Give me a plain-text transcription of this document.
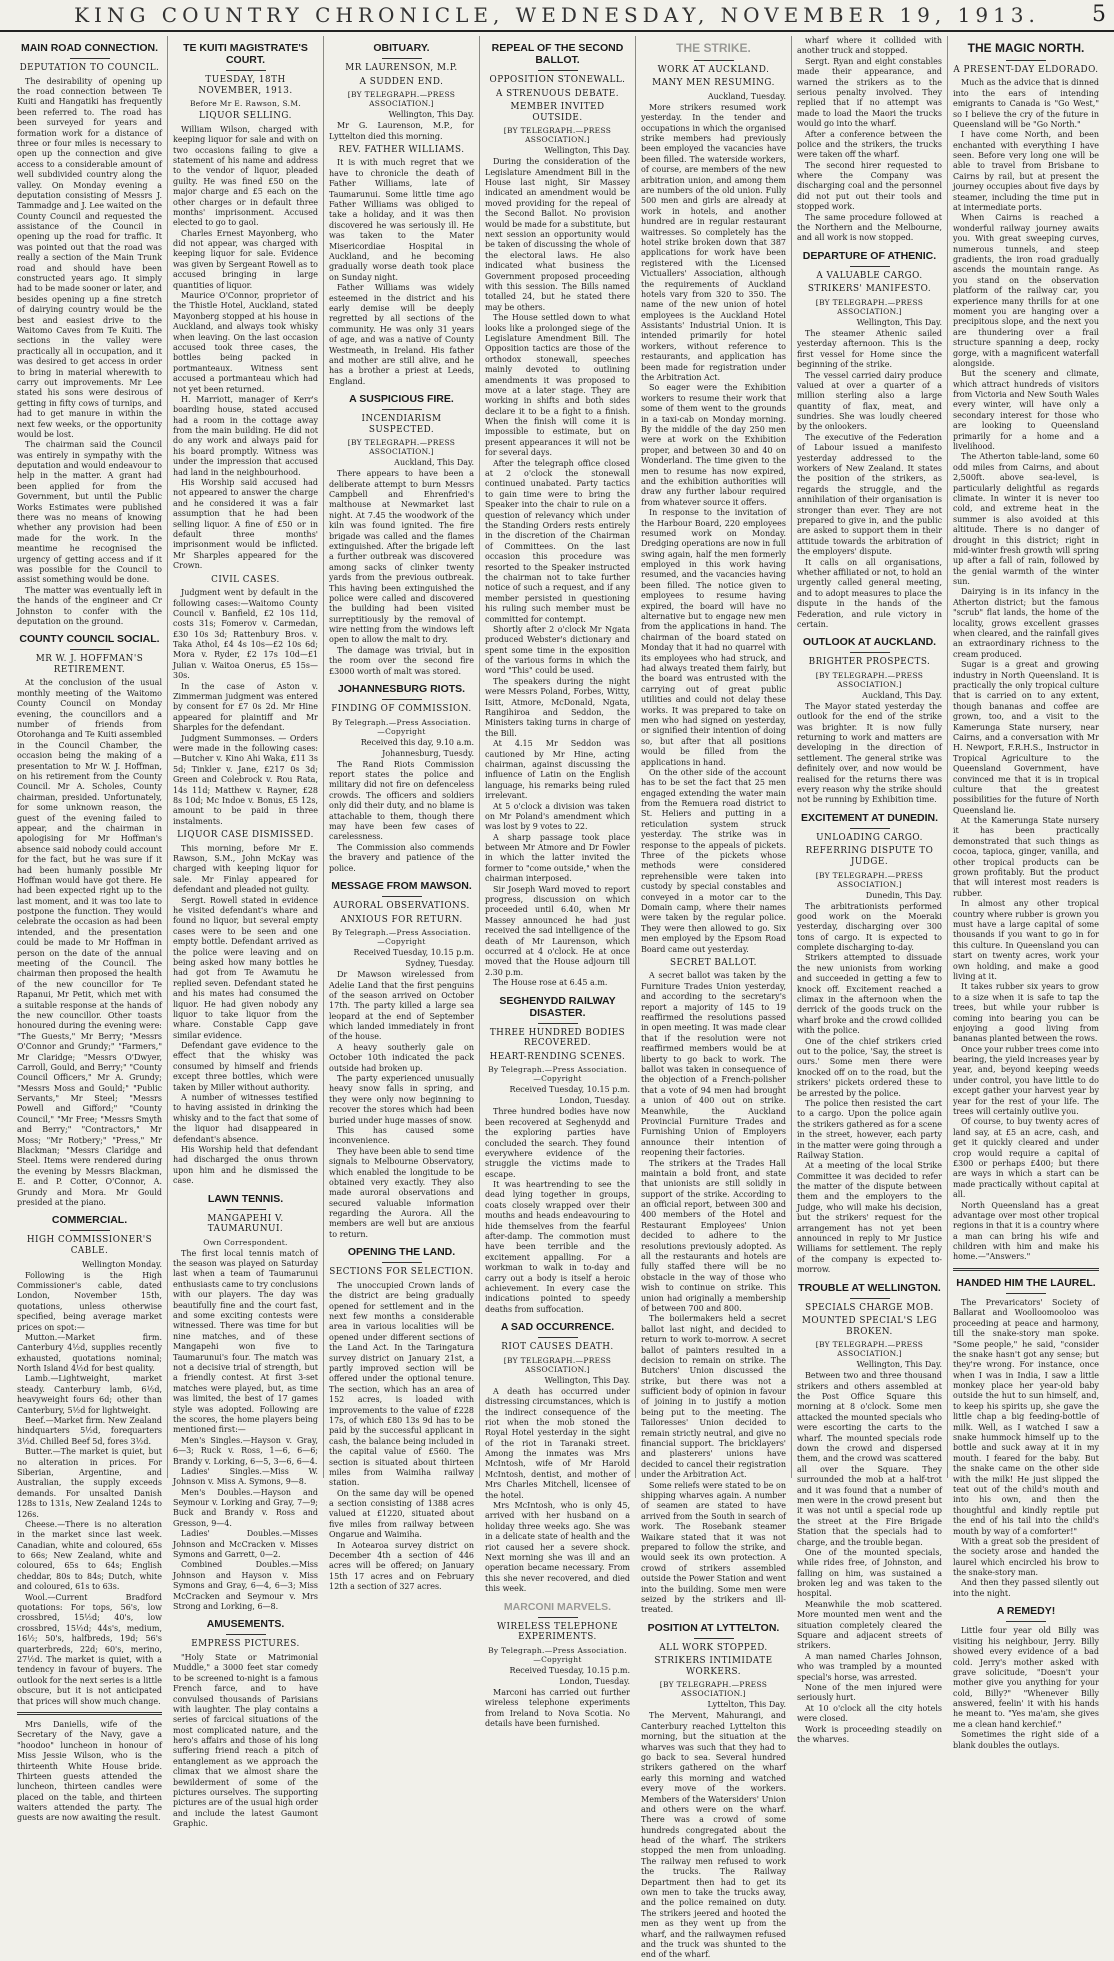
KING COUNTRY CHRONICLE, WEDNESDAY, NOVEMBER 19, 1913. 5
MAIN ROAD CONNECTION.
DEPUTATION TO COUNCIL.

The desirability of opening up the road connection between Te Kuiti and Hangatiki has frequently been referred to. The road has been surveyed for years and formation work for a distance of three or four miles is necessary to open up the connection and give access to a considerable amount of well subdivided country along the valley. On Monday evening a deputation consisting of Messrs J. Tammadge and J. Lee waited on the County Council and requested the assistance of the Council in opening up the road for traffic. It was pointed out that the road was really a section of the Main Trunk road and should have been constructed years ago. It simply had to be made sooner or later, and besides opening up a fine stretch of dairying country would be the best and easiest drive to the Waitomo Caves from Te Kuiti. The sections in the valley were practically all in occupation, and it was desired to get access in order to bring in material wherewith to carry out improvements. Mr Lee stated his sons were desirous of getting in fifty cows of turnips, and had to get manure in within the next few weeks, or the opportunity would be lost.

The chairman said the Council was entirely in sympathy with the deputation and would endeavour to help in the matter. A grant had been applied for from the Government, but until the Public Works Estimates were published there was no means of knowing whether any provision had been made for the work. In the meantime he recognised the urgency of getting access and if it was possible for the Council to assist something would be done.

The matter was eventually left in the hands of the engineer and Cr Johnston to confer with the deputation on the ground.

COUNTY COUNCIL SOCIAL.
MR W. J. HOFFMAN'S RETIREMENT.

At the conclusion of the usual monthly meeting of the Waitomo County Council on Monday evening, the councillors and a number of friends from Otorohanga and Te Kuiti assembled in the Council Chamber, the occasion being the making of a presentation to Mr W. J. Hoffman, on his retirement from the County Council. Mr A. Scholes, County chairman, presided. Unfortunately, for some unknown reason, the guest of the evening failed to appear, and the chairman in apologising for Mr Hoffman's absence said nobody could account for the fact, but he was sure if it had been humanly possible Mr Hoffman would have got there. He had been expected right up to the last moment, and it was too late to postpone the function. They would celebrate the occasion as had been intended, and the presentation could be made to Mr Hoffman in person on the date of the annual meeting of the Council. The chairman then proposed the health of the new councillor for Te Rapanui, Mr Petit, which met with a suitable response at the hands of the new councillor. Other toasts honoured during the evening were: "The Guests," Mr Berry; "Messrs O'Connor and Grundy;" "Farmers," Mr Claridge; "Messrs O'Dwyer, Carroll, Gould, and Berry;" "County Council Officers," Mr A. Grundy; "Messrs Moss and Gould;" "Public Servants," Mr Steel; "Messrs Powell and Gifford;" "County Council," "Mr Free; "Messrs Smyth and Berry;" "Contractors," Mr Moss; "Mr Rotbery;" "Press," Mr Blackman; "Messrs Claridge and Steel. Items were rendered during the evening by Messrs Blackman, E. and P. Cotter, O'Connor, A. Grundy and Mora. Mr Gould presided at the piano.

COMMERCIAL.
HIGH COMMISSIONER'S CABLE.
Wellington Monday.

Following is the High Commissioner's cable, dated London, November 15th, quotations, unless otherwise specified, being average market prices on spot:—

Mutton.—Market firm. Canterbury 4½d, supplies recently exhausted, quotations nominal; North Island 4½d for best quality.

Lamb.—Lightweight, market steady. Canterbury lamb, 6½d, heavyweight fours 6d; other than Canterbury, 5½d for lightweight.

Beef.—Market firm. New Zealand hindquarters 5½d, forequarters 3½d. Chilled Beef 5d, fores 3½d.

Butter.—The market is quiet, but no alteration in prices. For Siberian, Argentine, and Australian, the supply exceeds demands. For unsalted Danish 128s to 131s, New Zealand 124s to 126s.

Cheese.—There is no alteration in the market since last week. Canadian, white and coloured, 65s to 66s; New Zealand, white and coloured, 65s to 64s; English cheddar, 80s to 84s; Dutch, white and coloured, 61s to 63s.

Wool.—Current Bradford quotations: For tops, 56's, low crossbred, 15½d; 40's, low crossbred, 15½d; 44s's, medium, 16½; 50's, halfbreds, 19d; 56's quarterbreds, 22d; 60's, merino, 27½d. The market is quiet, with a tendency in favour of buyers. The outlook for the next series is a little obscure, but it is not anticipated that prices will show much change.

Mrs Daniells, wife of the Secretary of the Navy, gave a "hoodoo" luncheon in honour of Miss Jessie Wilson, who is the thirteenth White House bride. Thirteen guests attended the luncheon, thirteen candles were placed on the table, and thirteen waiters attended the party. The guests are now awaiting the result.

TE KUITI MAGISTRATE'S COURT.
TUESDAY, 18TH NOVEMBER, 1913.
Before Mr E. Rawson, S.M.
LIQUOR SELLING.

William Wilson, charged with keeping liquor for sale and with on two occasions failing to give a statement of his name and address to the vendor of liquor, pleaded guilty. He was fined £50 on the major charge and £5 each on the other charges or in default three months' imprisonment. Accused elected to go to gaol.

Charles Ernest Mayonberg, who did not appear, was charged with keeping liquor for sale. Evidence was given by Sergeant Rowell as to accused bringing in large quantities of liquor.

Maurice O'Connor, proprietor of the Thistle Hotel, Auckland, stated Mayonberg stopped at his house in Auckland, and always took whisky when leaving. On the last occasion accused took three cases, the bottles being packed in portmanteaux. Witness sent accused a portmanteau which had not yet been returned.

H. Marriott, manager of Kerr's boarding house, stated accused had a room in the cottage away from the main building. He did not do any work and always paid for his board promptly. Witness was under the impression that accused had land in the neighbourhood.

His Worship said accused had not appeared to answer the charge and he considered it was a fair assumption that he had been selling liquor. A fine of £50 or in default three months' imprisonment would be inflicted. Mr Sharples appeared for the Crown.

CIVIL CASES.

Judgment went by default in the following cases:—Waitomo County Council v. Banfield, £2 10s 11d, costs 31s; Fomerov v. Carmedan, £30 10s 3d; Rattenbury Bros. v. Taka Athol, £4 4s 10s—£2 10s 6d; Mora v. Ryder, £2 17s 10d—£1 Julian v. Waitoa Onerus, £5 15s—30s.

In the case of Aston v. Zimmerman judgment was entered by consent for £7 0s 2d. Mr Hine appeared for plaintiff and Mr Sharples for the defendant.

Judgment Summonses. — Orders were made in the following cases:—Butcher v. Kino Ahi Waka, £11 3s 5d; Tinkler v. Jane, £217 0s 3d; Green and Colebrock v. Rou Rata, 14s 11d; Matthew v. Rayner, £28 8s 10d; Mc Indoe v. Bonus, £5 12s, amount to be paid in three instalments.

LIQUOR CASE DISMISSED.

This morning, before Mr E. Rawson, S.M., John McKay was charged with keeping liquor for sale. Mr Finlay appeared for defendant and pleaded not guilty.

Sergt. Rowell stated in evidence he visited defendant's whare and found no liquor, but several empty cases were to be seen and one empty bottle. Defendant arrived as the police were leaving and on being asked how many bottles he had got from Te Awamutu he replied seven. Defendant stated he and his mates had consumed the liquor. He had given nobody any liquor to take liquor from the whare. Constable Capp gave similar evidence.

Defendant gave evidence to the effect that the whisky was consumed by himself and friends except three bottles, which were taken by Miller without authority.

A number of witnesses testified to having assisted in drinking the whisky and to the fact that some of the liquor had disappeared in defendant's absence.

His Worship held that defendant had discharged the onus thrown upon him and he dismissed the case.

LAWN TENNIS.
MANGAPEHI V. TAUMARUNUI.
Own Correspondent.

The first local tennis match of the season was played on Saturday last when a team of Taumarunui enthusiasts came to try conclusions with our players. The day was beautifully fine and the court fast, and some exciting contests were witnessed. There was time for but nine matches, and of these Mangapehi won five to Taumarunui's four. The match was not a decisive trial of strength, but a friendly contest. At first 3-set matches were played, but, as time was limited, the best of 17 games style was adopted. Following are the scores, the home players being mentioned first:—

Men's Singles.—Hayson v. Gray, 6—3; Ruck v. Ross, 1—6, 6—6; Brandy v. Lorking, 6—5, 3—6, 6—4.

Ladies' Singles.—Miss W. Johnson v. Miss A. Symons, 9—8.

Men's Doubles.—Hayson and Seymour v. Lorking and Gray, 7—9; Buck and Brandy v. Ross and Gresson, 9—4.

Ladies' Doubles.—Misses Johnson and McCracken v. Misses Symons and Garrett, 0—2.

Combined Doubles.—Miss Johnson and Hayson v. Miss Symons and Gray, 6—4, 6—3; Miss McCracken and Seymour v. Mrs Strong and Lorking, 6—8.

AMUSEMENTS.
EMPRESS PICTURES.

"Holy State or Matrimonial Muddle," a 3000 feet star comedy to be screened to-night is a famous French farce, and to have convulsed thousands of Parisians with laughter. The play contains a series of farcical situations of the most complicated nature, and the hero's affairs and those of his long suffering friend reach a pitch of entanglement as we approach the climax that we almost share the bewilderment of some of the pictures ourselves. The supporting pictures are of the usual high order and include the latest Gaumont Graphic.

OBITUARY.
MR LAURENSON, M.P.
A SUDDEN END.
[BY TELEGRAPH.—PRESS ASSOCIATION.]
Wellington, This Day.

Mr G. Laurenson, M.P., for Lyttelton died this morning.

REV. FATHER WILLIAMS.

It is with much regret that we have to chronicle the death of Father Williams, late of Taumarunui. Some little time ago Father Williams was obliged to take a holiday, and it was then discovered he was seriously ill. He was taken to the Mater Misericordiae Hospital in Auckland, and he becoming gradually worse death took place on Sunday night.

Father Williams was widely esteemed in the district and his early demise will be deeply regretted by all sections of the community. He was only 31 years of age, and was a native of County Westmeath, in Ireland. His father and mother are still alive, and he has a brother a priest at Leeds, England.

A SUSPICIOUS FIRE.
INCENDIARISM SUSPECTED.
[BY TELEGRAPH.—PRESS ASSOCIATION.]
Auckland, This Day.

There appears to have been a deliberate attempt to burn Messrs Campbell and Ehrenfried's malthouse at Newmarket last night. At 7.45 the woodwork of the kiln was found ignited. The fire brigade was called and the flames extinguished. After the brigade left a further outbreak was discovered among sacks of clinker twenty yards from the previous outbreak. This having been extinguished the police were called and discovered the building had been visited surreptitiously by the removal of wire netting from the windows left open to allow the malt to dry.

The damage was trivial, but in the room over the second fire £3000 worth of malt was stored.

JOHANNESBURG RIOTS.
FINDING OF COMMISSION.
By Telegraph.—Press Association.—Copyright
Received this day, 9.10 a.m.
Johannesburg, Tuesdy.

The Rand Riots Commission report states the police and military did not fire on defenceless crowds. The officers and soldiers only did their duty, and no blame is attachable to them, though there may have been few cases of carelessness.

The Commission also commends the bravery and patience of the police.

MESSAGE FROM MAWSON.
AURORAL OBSERVATIONS.
ANXIOUS FOR RETURN.
By Telegraph.—Press Association.—Copyright
Received Tuesday, 10.15 p.m.
Sydney, Tuesday.

Dr Mawson wirelessed from Adelie Land that the first penguins of the season arrived on October 17th. The party killed a large sea leopard at the end of September which landed immediately in front of the house.

A heavy southerly gale on October 10th indicated the pack outside had broken up.

The party experienced unusually heavy snow falls in spring, and they were only now beginning to recover the stores which had been buried under huge masses of snow.

This has caused some inconvenience.

They have been able to send time signals to Melbourne Observatory, which enabled the longitude to be obtained very exactly. They also made auroral observations and secured valuable information regarding the Aurora. All the members are well but are anxious to return.

OPENING THE LAND.
SECTIONS FOR SELECTION.

The unoccupied Crown lands of the district are being gradually opened for settlement and in the next few months a considerable area in various localities will be opened under different sections of the Land Act. In the Taringatura survey district on January 21st, a partly improved section will be offered under the optional tenure. The section, which has an area of 152 acres, is loaded with improvements to the value of £228 17s, of which £80 13s 9d has to be paid by the successful applicant in cash, the balance being included in the capital value of £560. The section is situated about thirteen miles from Waimiha railway station.

On the same day will be opened a section consisting of 1388 acres valued at £1220, situated about five miles from railway between Ongarue and Waimiha.

In Aotearoa survey district on December 4th a section of 446 acres will be offered; on January 15th 17 acres and on February 12th a section of 327 acres.

REPEAL OF THE SECOND BALLOT.
OPPOSITION STONEWALL.
A STRENUOUS DEBATE.
MEMBER INVITED OUTSIDE.
[BY TELEGRAPH.—PRESS ASSOCIATION.]
Wellington, This Day.

During the consideration of the Legislature Amendment Bill in the House last night, Sir Massey indicated an amendment would be moved providing for the repeal of the Second Ballot. No provision would be made for a substitute, but next session an opportunity would be taken of discussing the whole of the electoral laws. He also indicated what business the Government proposed proceeding with this session. The Bills named totalled 24, but he stated there may be others.

The House settled down to what looks like a prolonged siege of the Legislature Amendment Bill. The Opposition tactics are those of the orthodox stonewall, speeches mainly devoted to outlining amendments it was proposed to move at a later stage. They are working in shifts and both sides declare it to be a fight to a finish. When the finish will come it is impossible to estimate, but on present appearances it will not be for several days.

After the telegraph office closed at 2 o'clock the stonewall continued unabated. Party tactics to gain time were to bring the Speaker into the chair to rule on a question of relevancy which under the Standing Orders rests entirely in the discretion of the Chairman of Committees. On the last occasion this procedure was resorted to the Speaker instructed the chairman not to take further notice of such a request, and if any member persisted in questioning his ruling such member must be committed for contempt.

Shortly after 2 o'clock Mr Ngata produced Webster's dictionary and spent some time in the exposition of the various forms in which the word "This" could be used.

The speakers during the night were Messrs Poland, Forbes, Witty, Isitt, Atmore, McDonald, Ngata, Rangihiroa and Seddon, the Ministers taking turns in charge of the Bill.

At 4.15 Mr Seddon was cautioned by Mr Hine, acting chairman, against discussing the influence of Latin on the English language, his remarks being ruled irrelevant.

At 5 o'clock a division was taken on Mr Poland's amendment which was lost by 9 votes to 22.

A sharp passage took place between Mr Atmore and Dr Fowler in which the latter invited the former to "come outside," when the chairman interposed.

Sir Joseph Ward moved to report progress, discussion on which proceeded until 6.40, when Mr Massey announced he had just received the sad intelligence of the death of Mr Laurenson, which occurred at 4 o'clock. He at once moved that the House adjourn till 2.30 p.m.

The House rose at 6.45 a.m.

SEGHENYDD RAILWAY DISASTER.
THREE HUNDRED BODIES RECOVERED.
HEART-RENDING SCENES.
By Telegraph.—Press Association.—Copyright
Received Tuesday, 10.15 p.m.
London, Tuesday.

Three hundred bodies have now been recovered at Seghenydd and the exploring parties have concluded the search. They found everywhere evidence of the struggle the victims made to escape.

It was heartrending to see the dead lying together in groups, coats closely wrapped over their mouths and heads endeavouring to hide themselves from the fearful after-damp. The commotion must have been terrible and the excitement appalling. For a workman to walk in to-day and carry out a body is itself a heroic achievement. In every case the indications pointed to speedy deaths from suffocation.

A SAD OCCURRENCE.
RIOT CAUSES DEATH.
[BY TELEGRAPH.—PRESS ASSOCIATION.]
Wellington, This Day.

A death has occurred under distressing circumstances, which is the indirect consequence of the riot when the mob stoned the Royal Hotel yesterday in the sight of the riot in Taranaki street. Among the inmates was Mrs McIntosh, wife of Mr Harold McIntosh, dentist, and mother of Mrs Charles Mitchell, licensee of the hotel.

Mrs McIntosh, who is only 45, arrived with her husband on a holiday three weeks ago. She was in a delicate state of health and the riot caused her a severe shock. Next morning she was ill and an operation became necessary. From this she never recovered, and died this week.

MARCONI MARVELS.
WIRELESS TELEPHONE EXPERIMENTS.
By Telegraph.—Press Association.—Copyright
Received Tuesday, 10.15 p.m.
London, Tuesday.

Marconi has carried out further wireless telephone experiments from Ireland to Nova Scotia. No details have been furnished.

THE STRIKE.
WORK AT AUCKLAND.
MANY MEN RESUMING.
Auckland, Tuesday.

More strikers resumed work yesterday. In the tender and occupations in which the organised strike members had previously been employed the vacancies have been filled. The waterside workers, of course, are members of the new arbitration union, and among them are numbers of the old union. Fully 500 men and girls are already at work in hotels, and another hundred are in regular restaurant waitresses. So completely has the hotel strike broken down that 387 applications for work have been registered with the Licensed Victuallers' Association, although the requirements of Auckland hotels vary from 320 to 350. The name of the new union of hotel employees is the Auckland Hotel Assistants' Industrial Union. It is intended primarily for hotel workers, without reference to restaurants, and application has been made for registration under the Arbitration Act.

So eager were the Exhibition workers to resume their work that some of them went to the grounds in a taxi-cab on Monday morning. By the middle of the day 250 men were at work on the Exhibition proper, and between 30 and 40 on Wonderland. The time given to the men to resume has now expired, and the exhibition authorities will draw any further labour required from whatever source it offers.

In response to the invitation of the Harbour Board, 220 employees resumed work on Monday. Dredging operations are now in full swing again, half the men formerly employed in this work having resumed, and the vacancies having been filled. The notice given to employees to resume having expired, the board will have no alternative but to engage new men from the applications in hand. The chairman of the board stated on Monday that it had no quarrel with its employees who had struck, and had always treated them fairly, but the board was entrusted with the carrying out of great public utilities and could not delay these works. It was prepared to take on men who had signed on yesterday, or signified their intention of doing so, but after that all positions would be filled from the applications in hand.

On the other side of the account has to be set the fact that 25 men engaged extending the water main from the Remuera road district to St. Heliers and putting in a reticulation system struck yesterday. The strike was in response to the appeals of pickets. Three of the pickets whose methods were considered reprehensible were taken into custody by special constables and conveyed in a motor car to the Domain camp, where their names were taken by the regular police. They were then allowed to go. Six men employed by the Epsom Road Board came out yesterday.

SECRET BALLOT.

A secret ballot was taken by the Furniture Trades Union yesterday, and according to the secretary's report a majority of 145 to 19 reaffirmed the resolutions passed in open meeting. It was made clear that if the resolution were not reaffirmed members would be at liberty to go back to work. The ballot was taken in consequence of the objection of a French-polisher that a vote of 94 men had brought a union of 400 out on strike. Meanwhile, the Auckland Provincial Furniture Trades and Furnishing Union of Employers announce their intention of reopening their factories.

The strikers at the Trades Hall maintain a bold front, and state that unionists are still solidly in support of the strike. According to an official report, between 300 and 400 members of the Hotel and Restaurant Employees' Union decided to adhere to the resolutions previously adopted. As all the restaurants and hotels are fully staffed there will be no obstacle in the way of those who wish to continue on strike. This union had originally a membership of between 700 and 800.

The boilermakers held a secret ballot last night, and decided to return to work to-morrow. A secret ballot of painters resulted in a decision to remain on strike. The Butchers' Union discussed the strike, but there was not a sufficient body of opinion in favour of joining in to justify a motion being put to the meeting. The Tailoresses' Union decided to remain strictly neutral, and give no financial support. The bricklayers' and plasterers' unions have decided to cancel their registration under the Arbitration Act.

Some reliefs were stated to be on shipping wharves again. A number of seamen are stated to have arrived from the South in search of work. The Rosebank steamer Waikare stated that it was not prepared to follow the strike, and would seek its own protection. A crowd of strikers assembled outside the Power Station and went into the building. Some men were seized by the strikers and ill-treated.

POSITION AT LYTTELTON.
ALL WORK STOPPED.
STRIKERS INTIMIDATE WORKERS.
[BY TELEGRAPH.—PRESS ASSOCIATION.]
Lyttelton, This Day.

The Mervent, Mahurangi, and Canterbury reached Lyttelton this morning, but the situation at the wharves was such that they had to go back to sea. Several hundred strikers gathered on the wharf early this morning and watched every move of the workers. Members of the Watersiders' Union and others were on the wharf. There was a crowd of some hundreds congregated about the head of the wharf. The strikers stopped the men from unloading. The railway men refused to work the trucks. The Railway Department then had to get its own men to take the trucks away, and the police remained on duty. The strikers jeered and hooted the men as they went up from the wharf, and the railwaymen refused and the truck was shunted to the end of the wharf.

wharf where it collided with another truck and stopped.

Sergt. Ryan and eight constables made their appearance, and warned the strikers as to the serious penalty involved. They replied that if no attempt was made to load the Maori the trucks would go into the wharf.

After a conference between the police and the strikers, the trucks were taken off the wharf.

The second hirer requested to where the Company was discharging coal and the personnel did not put out their tools and stopped work.

The same procedure followed at the Northern and the Melbourne, and all work is now stopped.

DEPARTURE OF ATHENIC.
A VALUABLE CARGO.
STRIKERS' MANIFESTO.
[BY TELEGRAPH.—PRESS ASSOCIATION.]
Wellington, This Day.

The steamer Athenic sailed yesterday afternoon. This is the first vessel for Home since the beginning of the strike.

The vessel carried dairy produce valued at over a quarter of a million sterling also a large quantity of flax, meat, and sundries. She was loudly cheered by the onlookers.

The executive of the Federation of Labour issued a manifesto yesterday addressed to the workers of New Zealand. It states the position of the strikers, as regards the struggle, and the annihilation of their organisation is stronger than ever. They are not prepared to give in, and the public are asked to support them in their attitude towards the arbitration of the employers' dispute.

It calls on all organisations, whether affiliated or not, to hold an urgently called general meeting, and to adopt measures to place the dispute in the hands of the Federation, and rule victory in certain.

OUTLOOK AT AUCKLAND.
BRIGHTER PROSPECTS.
[BY TELEGRAPH.—PRESS ASSOCIATION.]
Auckland, This Day.

The Mayor stated yesterday the outlook for the end of the strike was brighter. It is now fully returning to work and matters are developing in the direction of settlement. The general strike was definitely over, and now would be realised for the returns there was every reason why the strike should not be running by Exhibition time.

EXCITEMENT AT DUNEDIN.
UNLOADING CARGO.
REFERRING DISPUTE TO JUDGE.
[BY TELEGRAPH.—PRESS ASSOCIATION.]
Dunedin, This Day.

The arbitrationists performed good work on the Moeraki yesterday, discharging over 300 tons of cargo. It is expected to complete discharging to-day.

Strikers attempted to dissuade the new unionists from working and succeeded in getting a few to knock off. Excitement reached a climax in the afternoon when the derrick of the goods truck on the wharf broke and the crowd collided with the police.

One of the chief strikers cried out to the police, 'Say, the street is ours.' Some men there were knocked off on to the road, but the strikers' pickets ordered these to be arrested by the police.

The police then resisted the cart to a cargo. Upon the police again the strikers gathered as for a scene in the street, however, each party in the matter were going through a Railway Station.

At a meeting of the local Strike Committee it was decided to refer the matter of the dispute between them and the employers to the Judge, who will make his decision, but the strikers' request for the arrangement has not yet been announced in reply to Mr Justice Williams for settlement. The reply of the company is expected to-morrow.

TROUBLE AT WELLINGTON.
SPECIALS CHARGE MOB.
MOUNTED SPECIAL'S LEG BROKEN.
[BY TELEGRAPH.—PRESS ASSOCIATION.]
Wellington, This Day.

Between two and three thousand strikers and others assembled at the Post Office Square this morning at 8 o'clock. Some men attacked the mounted specials who were escorting the carts to the wharf. The mounted specials rode down the crowd and dispersed them, and the crowd was scattered all over the Square. They surrounded the mob at a half-trot and it was found that a number of men were in the crowd present but it was not until a special rode up the street at the Fire Brigade Station that the specials had to charge, and the trouble began.

One of the mounted specials, while rides free, of Johnston, and falling on him, was sustained a broken leg and was taken to the hospital.

Meanwhile the mob scattered. More mounted men went and the situation completely cleared the Square and adjacent streets of strikers.

A man named Charles Johnson, who was trampled by a mounted special's horse, was arrested.

None of the men injured were seriously hurt.

At 10 o'clock all the city hotels were closed.

Work is proceeding steadily on the wharves.

THE MAGIC NORTH.
A PRESENT-DAY ELDORADO.

Much as the advice that is dinned into the ears of intending emigrants to Canada is "Go West," so I believe the cry of the future in Queensland will be "Go North."

I have come North, and been enchanted with everything I have seen. Before very long one will be able to travel from Brisbane to Cairns by rail, but at present the journey occupies about five days by steamer, including the time put in at intermediate ports.

When Cairns is reached a wonderful railway journey awaits you. With great sweeping curves, numerous tunnels, and steep gradients, the iron road gradually ascends the mountain range. As you stand on the observation platform of the railway car, you experience many thrills for at one moment you are hanging over a precipitous slope, and the next you are thundering over a frail structure spanning a deep, rocky gorge, with a magnificent waterfall alongside.

But the scenery and climate, which attract hundreds of visitors from Victoria and New South Wales every winter, will have only a secondary interest for those who are looking to Queensland primarily for a home and a livelihood.

The Atherton table-land, some 60 odd miles from Cairns, and about 2,500ft. above sea-level, is particularly delightful as regards climate. In winter it is never too cold, and extreme heat in the summer is also avoided at this altitude. There is no danger of drought in this district; right in mid-winter fresh growth will spring up after a fall of rain, followed by the genial warmth of the winter sun.

Dairying is in its infancy in the Atherton district; but the famous "scrub" flat lands, the home of the locality, grows excellent grasses when cleared, and the rainfall gives an extraordinary richness to the cream produced.

Sugar is a great and growing industry in North Queensland. It is practically the only tropical culture that is carried on to any extent, though bananas and coffee are grown, too, and a visit to the Kamerunga State nursery, near Cairns, and a conversation with Mr H. Newport, F.R.H.S., Instructor in Tropical Agriculture to the Queensland Government, have convinced me that it is in tropical culture that the greatest possibilities for the future of North Queensland lie.

At the Kamerunga State nursery it has been practically demonstrated that such things as cocoa, tapioca, ginger, vanilla, and other tropical products can be grown profitably. But the product that will interest most readers is rubber.

In almost any other tropical country where rubber is grown you must have a large capital of some thousands if you want to go in for this culture. In Queensland you can start on twenty acres, work your own holding, and make a good living at it.

It takes rubber six years to grow to a size when it is safe to tap the trees, but while your rubber is coming into bearing you can be enjoying a good living from bananas planted between the rows.

Once your rubber trees come into bearing, the yield increases year by year, and, beyond keeping weeds under control, you have little to do except gather your harvest year by year for the rest of your life. The trees will certainly outlive you.

Of course, to buy twenty acres of land say, at £5 an acre, cash, and get it quickly cleared and under crop would require a capital of £300 or perhaps £400; but there are ways in which a start can be made practically without capital at all.

North Queensland has a great advantage over most other tropical regions in that it is a country where a man can bring his wife and children with him and make his home.—"Answers."

HANDED HIM THE LAUREL.

The Prevaricators' Society of Ballarat and Woolloomooloo was proceeding at peace and harmony, till the snake-story man spoke. "Some people," he said, "consider the snake hasn't got any sense; but they're wrong. For instance, once when I was in India, I saw a little monkey place her year-old baby outside the hut to sun himself, and, to keep his spirits up, she gave the little chap a big feeding-bottle of milk. Well, as I watched I saw a snake hummock himself up to the bottle and suck away at it in my mouth. I feared for the baby. But the snake came on the other side with the milk! He just slipped the teat out of the child's mouth and into his own, and then the thoughtful and kindly reptile put the end of his tail into the child's mouth by way of a comforter!"

With a great sob the president of the society arose and handed the laurel which encircled his brow to the snake-story man.

And then they passed silently out into the night.

A REMEDY!

Little four year old Billy was visiting his neighbour, Jerry. Billy showed every evidence of a bad cold. Jerry's mother asked with grave solicitude, "Doesn't your mother give you anything for your cold, Billy?" "Whenever Billy answered, feelin' it with his hands he meant to. "Yes ma'am, she gives me a clean hand kerchief."

Sometimes the right side of a blank doubles the outlays.
